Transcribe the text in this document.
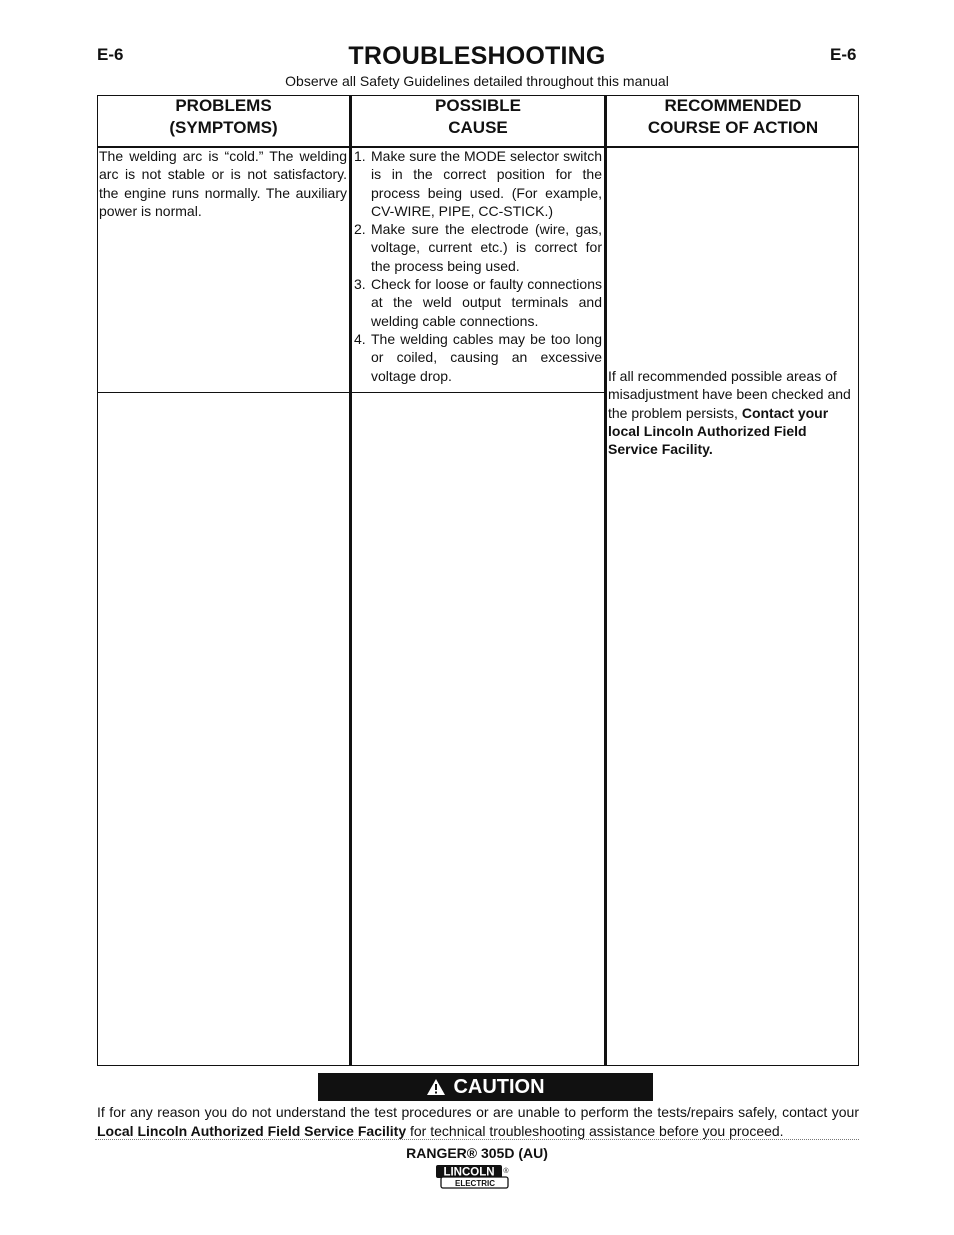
E-6	E-6
TROUBLESHOOTING
Observe all Safety Guidelines detailed throughout this manual
PROBLEMS
(SYMPTOMS)
POSSIBLE
CAUSE
RECOMMENDED
COURSE OF ACTION
The welding arc is “cold.” The welding arc is not stable or is not satisfactory. the engine runs normally. The auxiliary power is normal.
1. Make sure the MODE selector switch is in the correct position for the process being used. (For example, CV-WIRE, PIPE, CC-STICK.)
2. Make sure the electrode (wire, gas, voltage, current etc.) is correct for the process being used.
3. Check for loose or faulty connections at the weld output terminals and welding cable connections.
4. The welding cables may be too long or coiled, causing an excessive voltage drop.	If all recommended possible areas of misadjustment have been checked and the problem persists, Contact your local Lincoln Authorized Field Service Facility.
CAUTION
If for any reason you do not understand the test procedures or are unable to perform the tests/repairs safely, contact your Local Lincoln Authorized Field Service Facility for technical troubleshooting assistance before you proceed.
RANGER® 305D (AU)
LINCOLN
ELECTRIC
®
